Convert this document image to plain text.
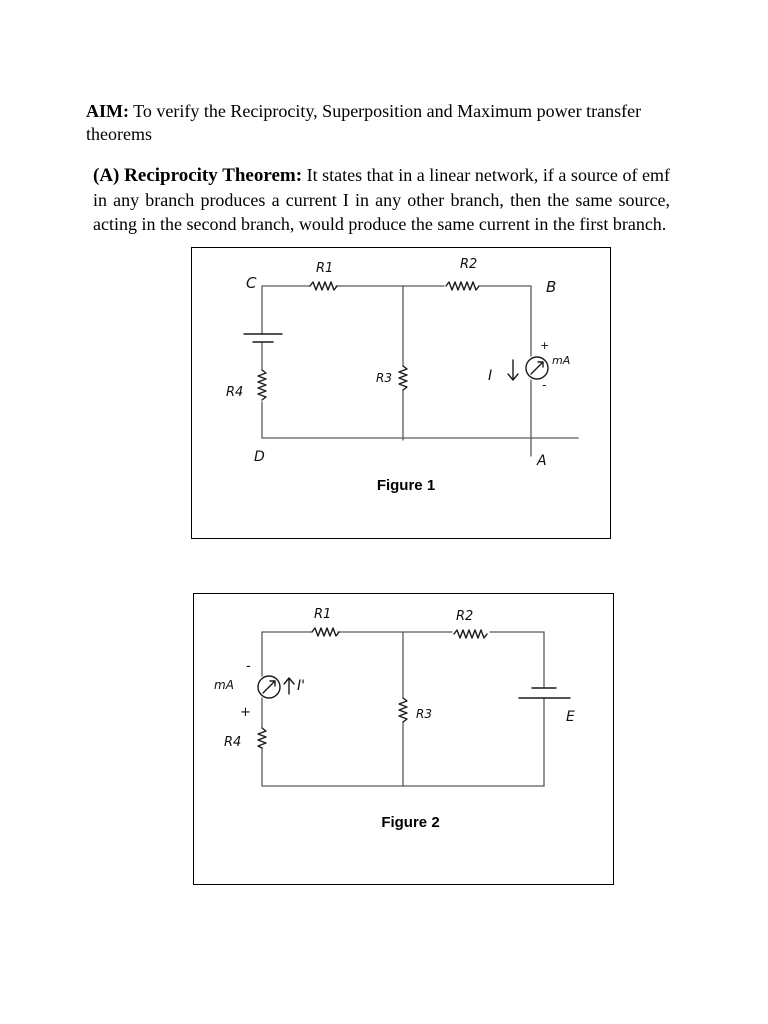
AIM: To verify the Reciprocity, Superposition and Maximum power transfer theorems

(A) Reciprocity Theorem: It states that in a linear network, if a source of emf in any branch produces a current I in any other branch, then the same source, acting in the second branch, would produce the same current in the first branch.

R1	R2
R3
R4
C	B
D	A
I
mA
+
-
Figure 1
R1	R2
R3
R4
mA	I'
E
+
-
Figure 2
